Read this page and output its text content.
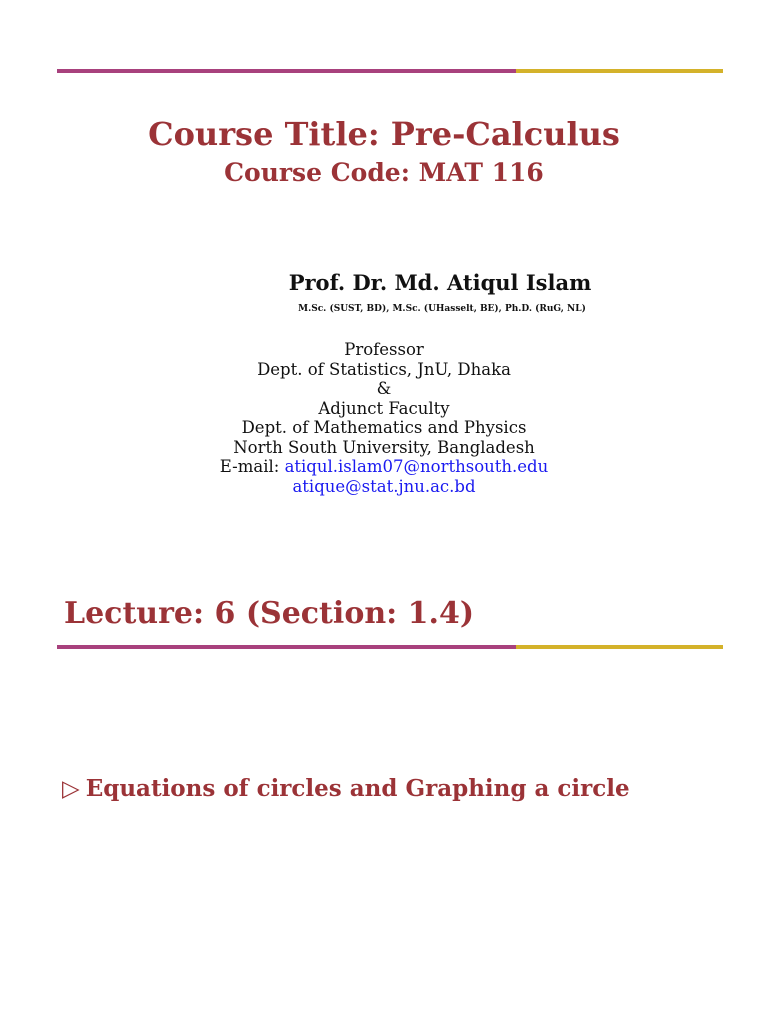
Course Title: Pre-Calculus
Course Code: MAT 116
Prof. Dr. Md. Atiqul Islam
M.Sc. (SUST, BD), M.Sc. (UHasselt, BE), Ph.D. (RuG, NL)
Professor
Dept. of Statistics, JnU, Dhaka
&
Adjunct Faculty
Dept. of Mathematics and Physics
North South University, Bangladesh
E-mail: atiqul.islam07@northsouth.edu
atique@stat.jnu.ac.bd
Lecture: 6 (Section: 1.4)
▷ Equations of circles and Graphing a circle
